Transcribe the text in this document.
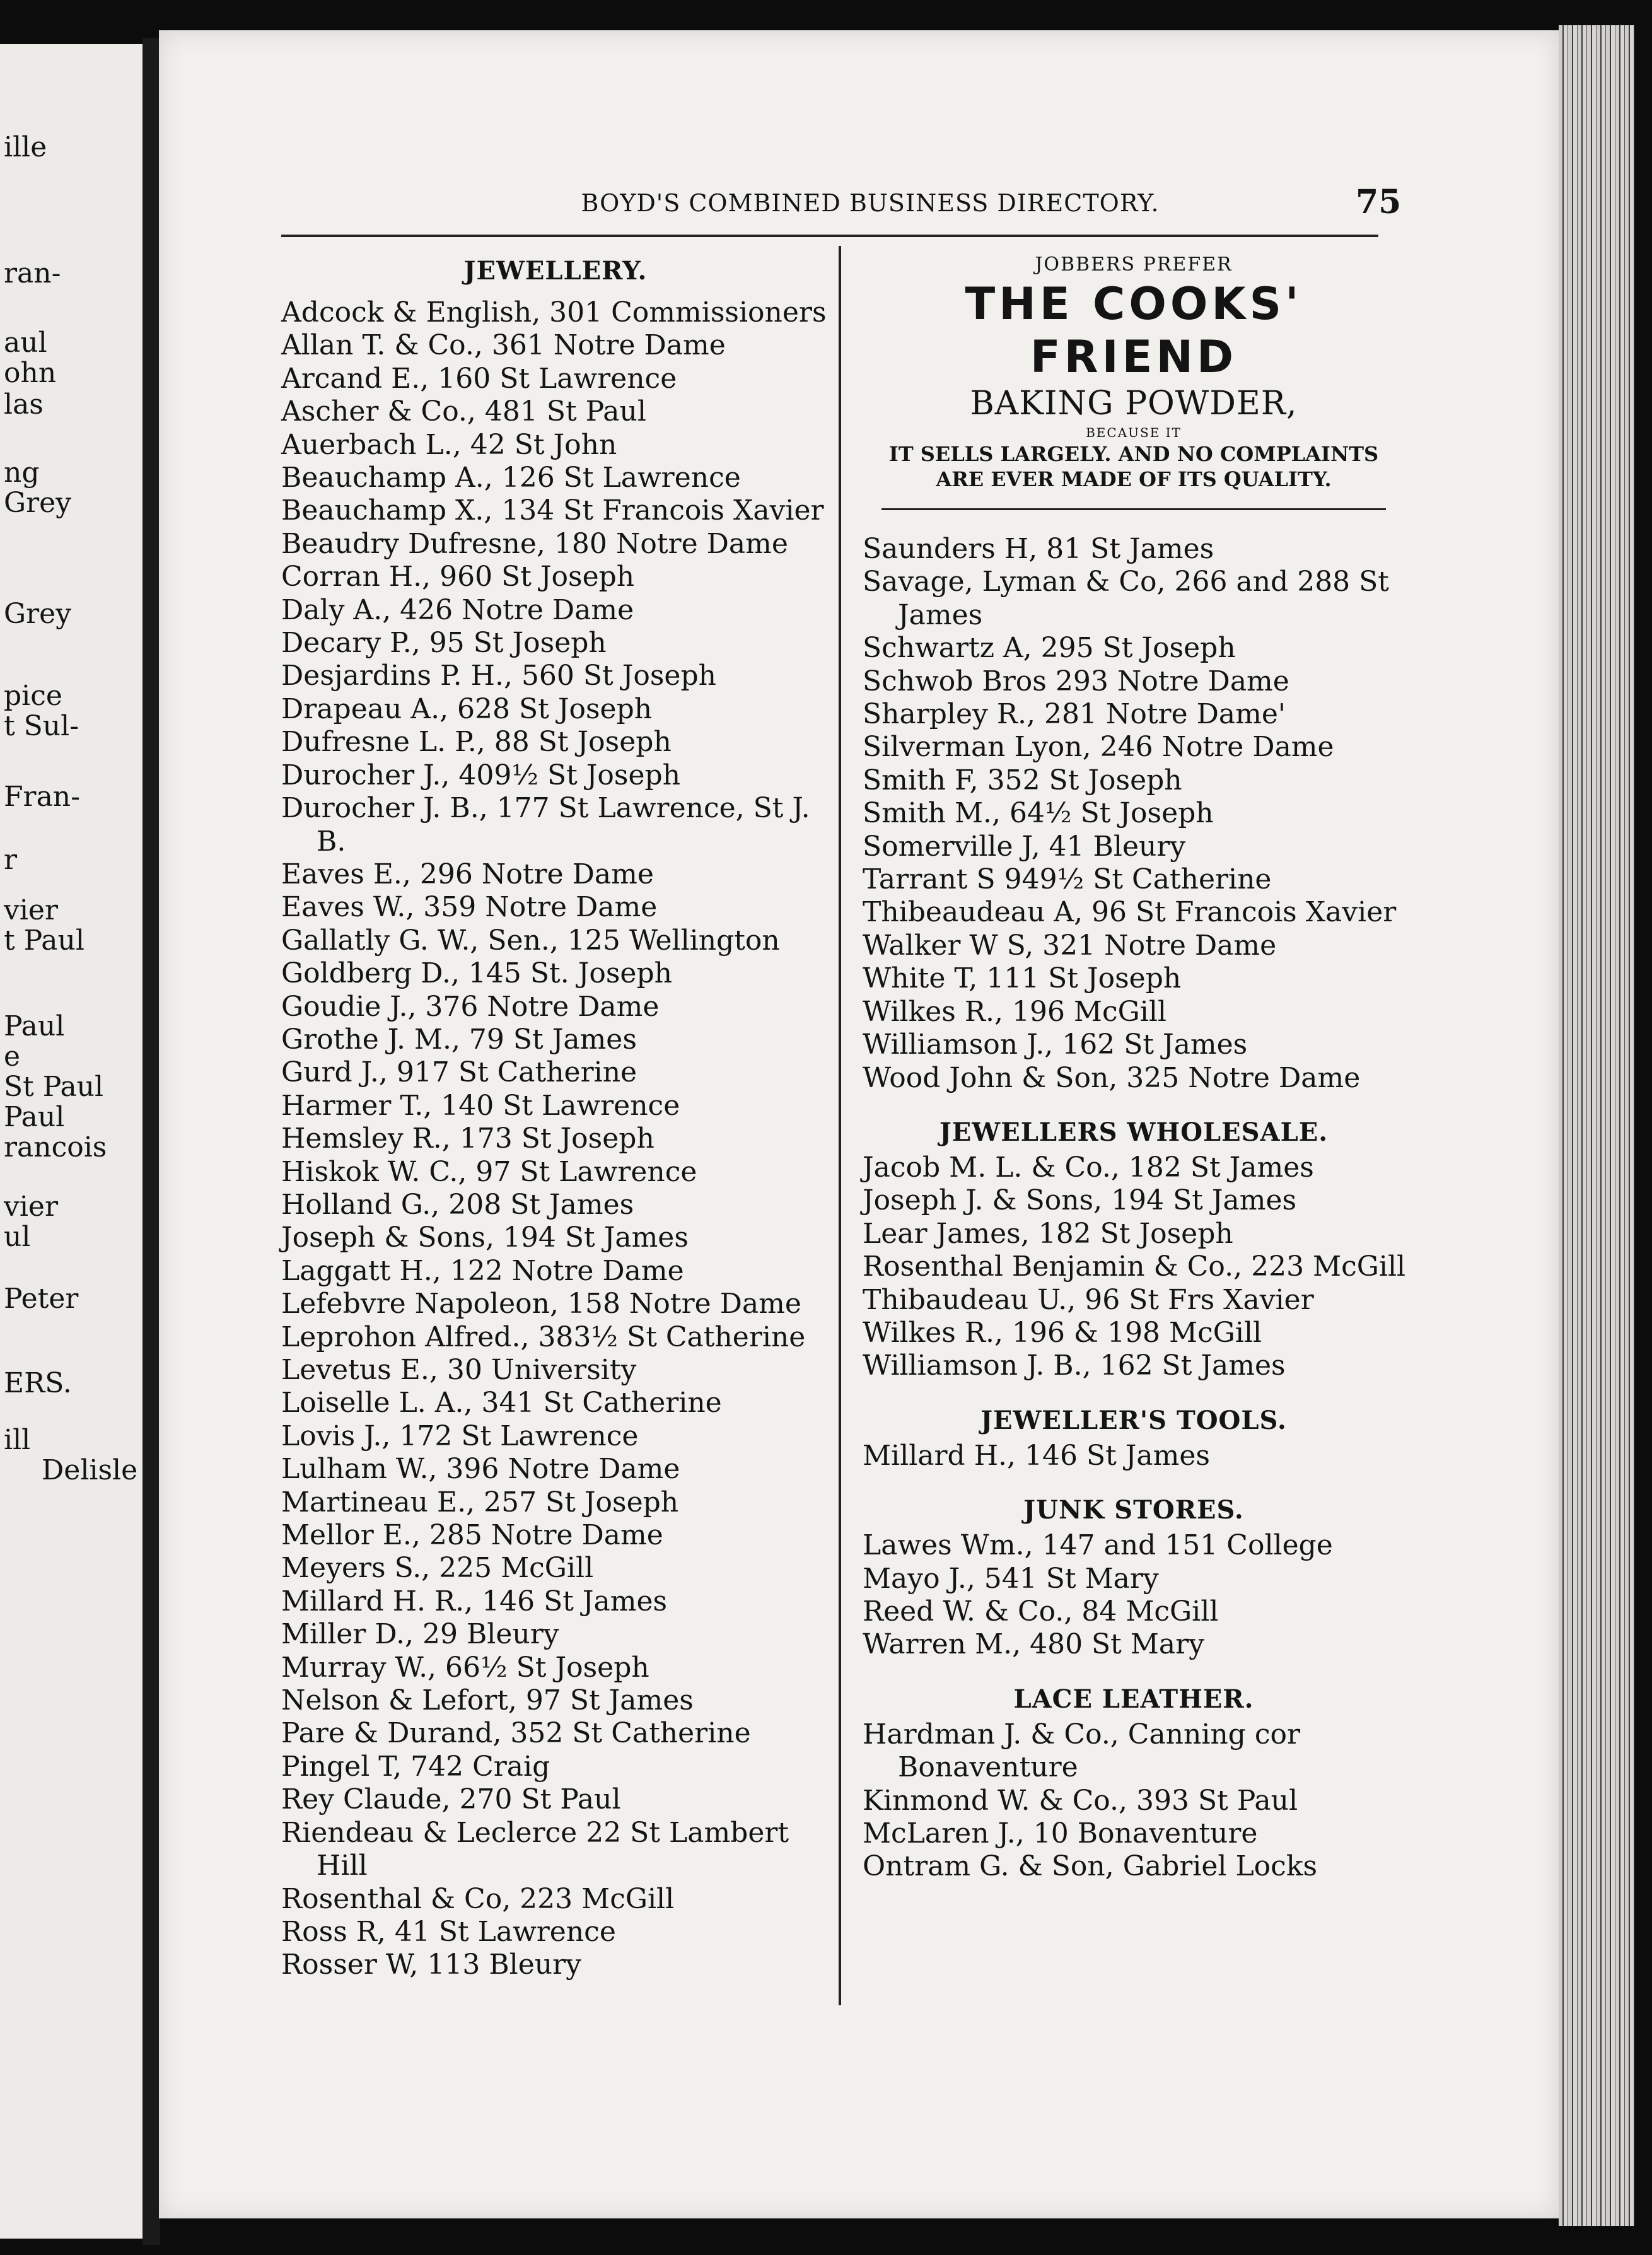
ille
ran-
aul
ohn
las
ng
Grey
Grey
pice
t Sul-
Fran-
r
vier
t Paul
Paul
e
St Paul
Paul
rancois
vier
ul
Peter
ERS.
ill
Delisle
BOYD'S COMBINED BUSINESS DIRECTORY.	75
JEWELLERY.
Adcock & English, 301 Commissioners
Allan T. & Co., 361 Notre Dame
Arcand E., 160 St Lawrence
Ascher & Co., 481 St Paul
Auerbach L., 42 St John
Beauchamp A., 126 St Lawrence
Beauchamp X., 134 St Francois Xavier
Beaudry Dufresne, 180 Notre Dame
Corran H., 960 St Joseph
Daly A., 426 Notre Dame
Decary P., 95 St Joseph
Desjardins P. H., 560 St Joseph
Drapeau A., 628 St Joseph
Dufresne L. P., 88 St Joseph
Durocher J., 409½ St Joseph
Durocher J. B., 177 St Lawrence, St J. B.
Eaves E., 296 Notre Dame
Eaves W., 359 Notre Dame
Gallatly G. W., Sen., 125 Wellington
Goldberg D., 145 St. Joseph
Goudie J., 376 Notre Dame
Grothe J. M., 79 St James
Gurd J., 917 St Catherine
Harmer T., 140 St Lawrence
Hemsley R., 173 St Joseph
Hiskok W. C., 97 St Lawrence
Holland G., 208 St James
Joseph & Sons, 194 St James
Laggatt H., 122 Notre Dame
Lefebvre Napoleon, 158 Notre Dame
Leprohon Alfred., 383½ St Catherine
Levetus E., 30 University
Loiselle L. A., 341 St Catherine
Lovis J., 172 St Lawrence
Lulham W., 396 Notre Dame
Martineau E., 257 St Joseph
Mellor E., 285 Notre Dame
Meyers S., 225 McGill
Millard H. R., 146 St James
Miller D., 29 Bleury
Murray W., 66½ St Joseph
Nelson & Lefort, 97 St James
Pare & Durand, 352 St Catherine
Pingel T, 742 Craig
Rey Claude, 270 St Paul
Riendeau & Leclerce 22 St Lambert Hill
Rosenthal & Co, 223 McGill
Ross R, 41 St Lawrence
Rosser W, 113 Bleury
JOBBERS PREFER
THE COOKS' FRIEND
BAKING POWDER,
BECAUSE IT
IT SELLS LARGELY. AND NO COMPLAINTS
ARE EVER MADE OF ITS QUALITY.
Saunders H, 81 St James
Savage, Lyman & Co, 266 and 288 St James
Schwartz A, 295 St Joseph
Schwob Bros 293 Notre Dame
Sharpley R., 281 Notre Dame'
Silverman Lyon, 246 Notre Dame
Smith F, 352 St Joseph
Smith M., 64½ St Joseph
Somerville J, 41 Bleury
Tarrant S 949½ St Catherine
Thibeaudeau A, 96 St Francois Xavier
Walker W S, 321 Notre Dame
White T, 111 St Joseph
Wilkes R., 196 McGill
Williamson J., 162 St James
Wood John & Son, 325 Notre Dame
JEWELLERS WHOLESALE.
Jacob M. L. & Co., 182 St James
Joseph J. & Sons, 194 St James
Lear James, 182 St Joseph
Rosenthal Benjamin & Co., 223 McGill
Thibaudeau U., 96 St Frs Xavier
Wilkes R., 196 & 198 McGill
Williamson J. B., 162 St James
JEWELLER'S TOOLS.
Millard H., 146 St James
JUNK STORES.
Lawes Wm., 147 and 151 College
Mayo J., 541 St Mary
Reed W. & Co., 84 McGill
Warren M., 480 St Mary
LACE LEATHER.
Hardman J. & Co., Canning cor Bonaventure
Kinmond W. & Co., 393 St Paul
McLaren J., 10 Bonaventure
Ontram G. & Son, Gabriel Locks
